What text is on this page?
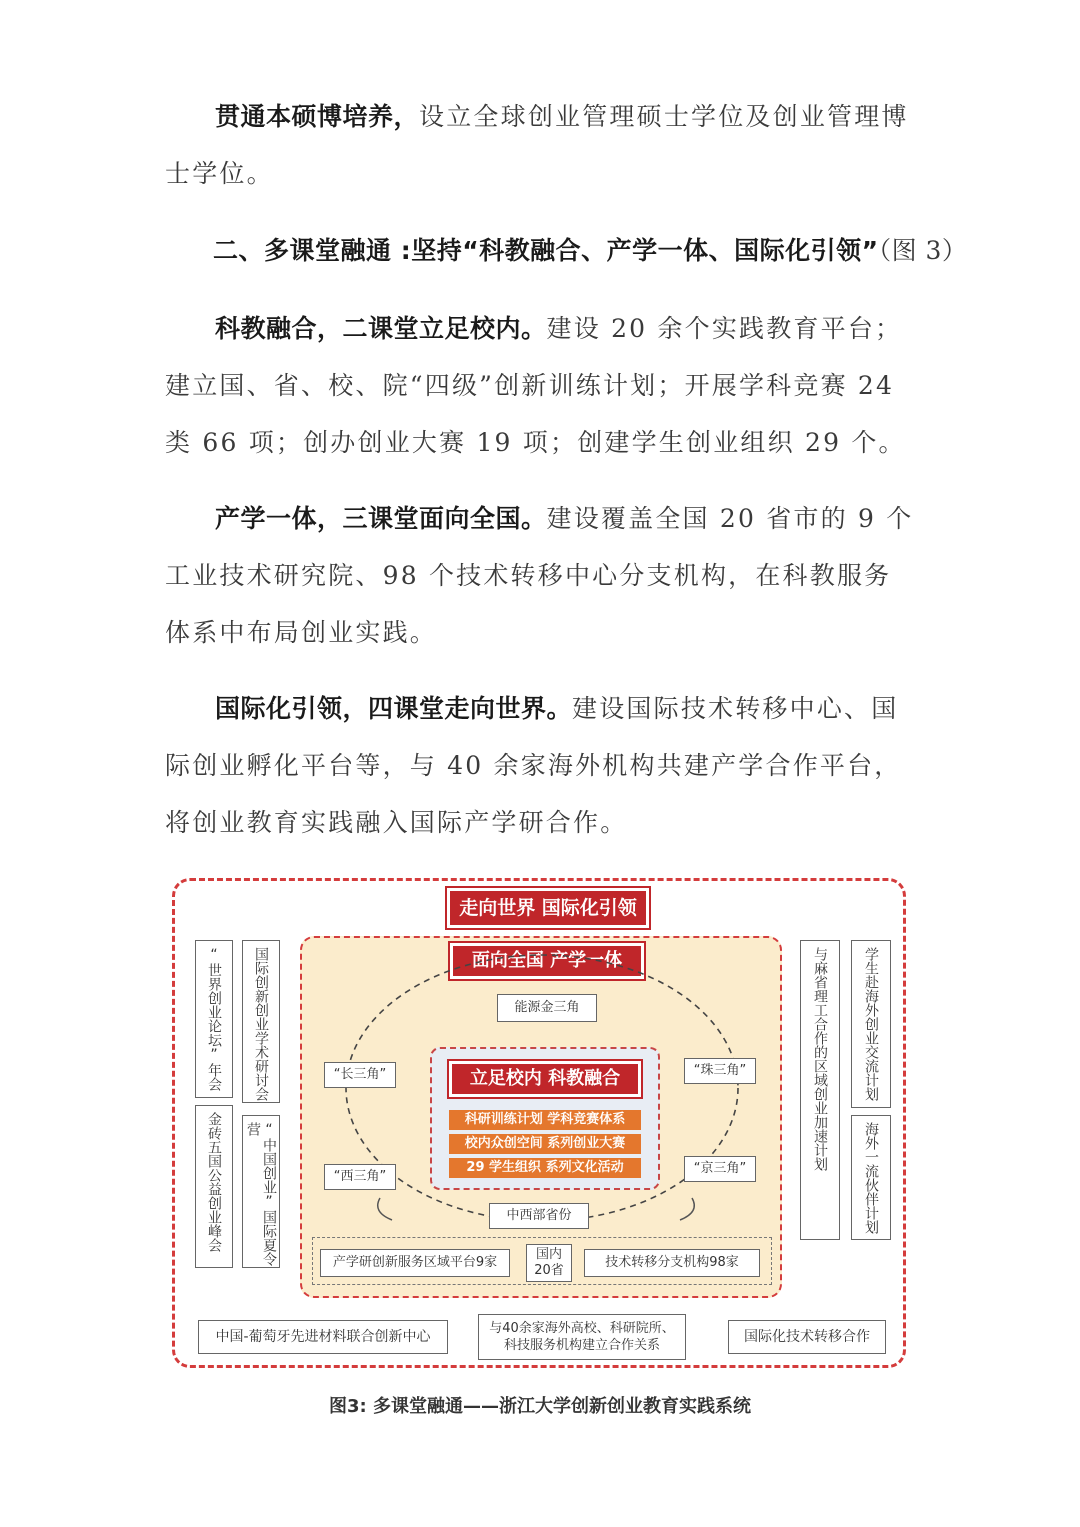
贯通本硕博培养，设立全球创业管理硕士学位及创业管理博士学位。

二、多课堂融通 :坚持“科教融合、产学一体、国际化引领”（图 3）

科教融合，二课堂立足校内。建设 20 余个实践教育平台；建立国、省、校、院“四级”创新训练计划；开展学科竞赛 24 类 66 项；创办创业大赛 19 项；创建学生创业组织 29 个。

产学一体，三课堂面向全国。建设覆盖全国 20 省市的 9 个工业技术研究院、98 个技术转移中心分支机构，在科教服务体系中布局创业实践。

国际化引领，四课堂走向世界。建设国际技术转移中心、国际创业孵化平台等，与 40 余家海外机构共建产学合作平台，将创业教育实践融入国际产学研合作。

走向世界 国际化引领
“世界创业论坛”年会	国际创新创业学术研讨会
金砖五国公益创业峰会	“中国创业”国际夏令营	与麻省理工合作的区域创业加速计划	学生赴海外创业交流计划
海外一流伙伴计划
面向全国 产学一体
能源金三角
“长三角”
“西三角”
“珠三角”
“京三角”
中西部省份
立足校内 科教融合
科研训练计划 学科竞赛体系
校内众创空间 系列创业大赛
29 学生组织 系列文化活动
产学研创新服务区域平台9家
国内
20省
技术转移分支机构98家
中国-葡萄牙先进材料联合创新中心	与40余家海外高校、科研院所、
科技服务机构建立合作关系
国际化技术转移合作
图3: 多课堂融通——浙江大学创新创业教育实践系统
